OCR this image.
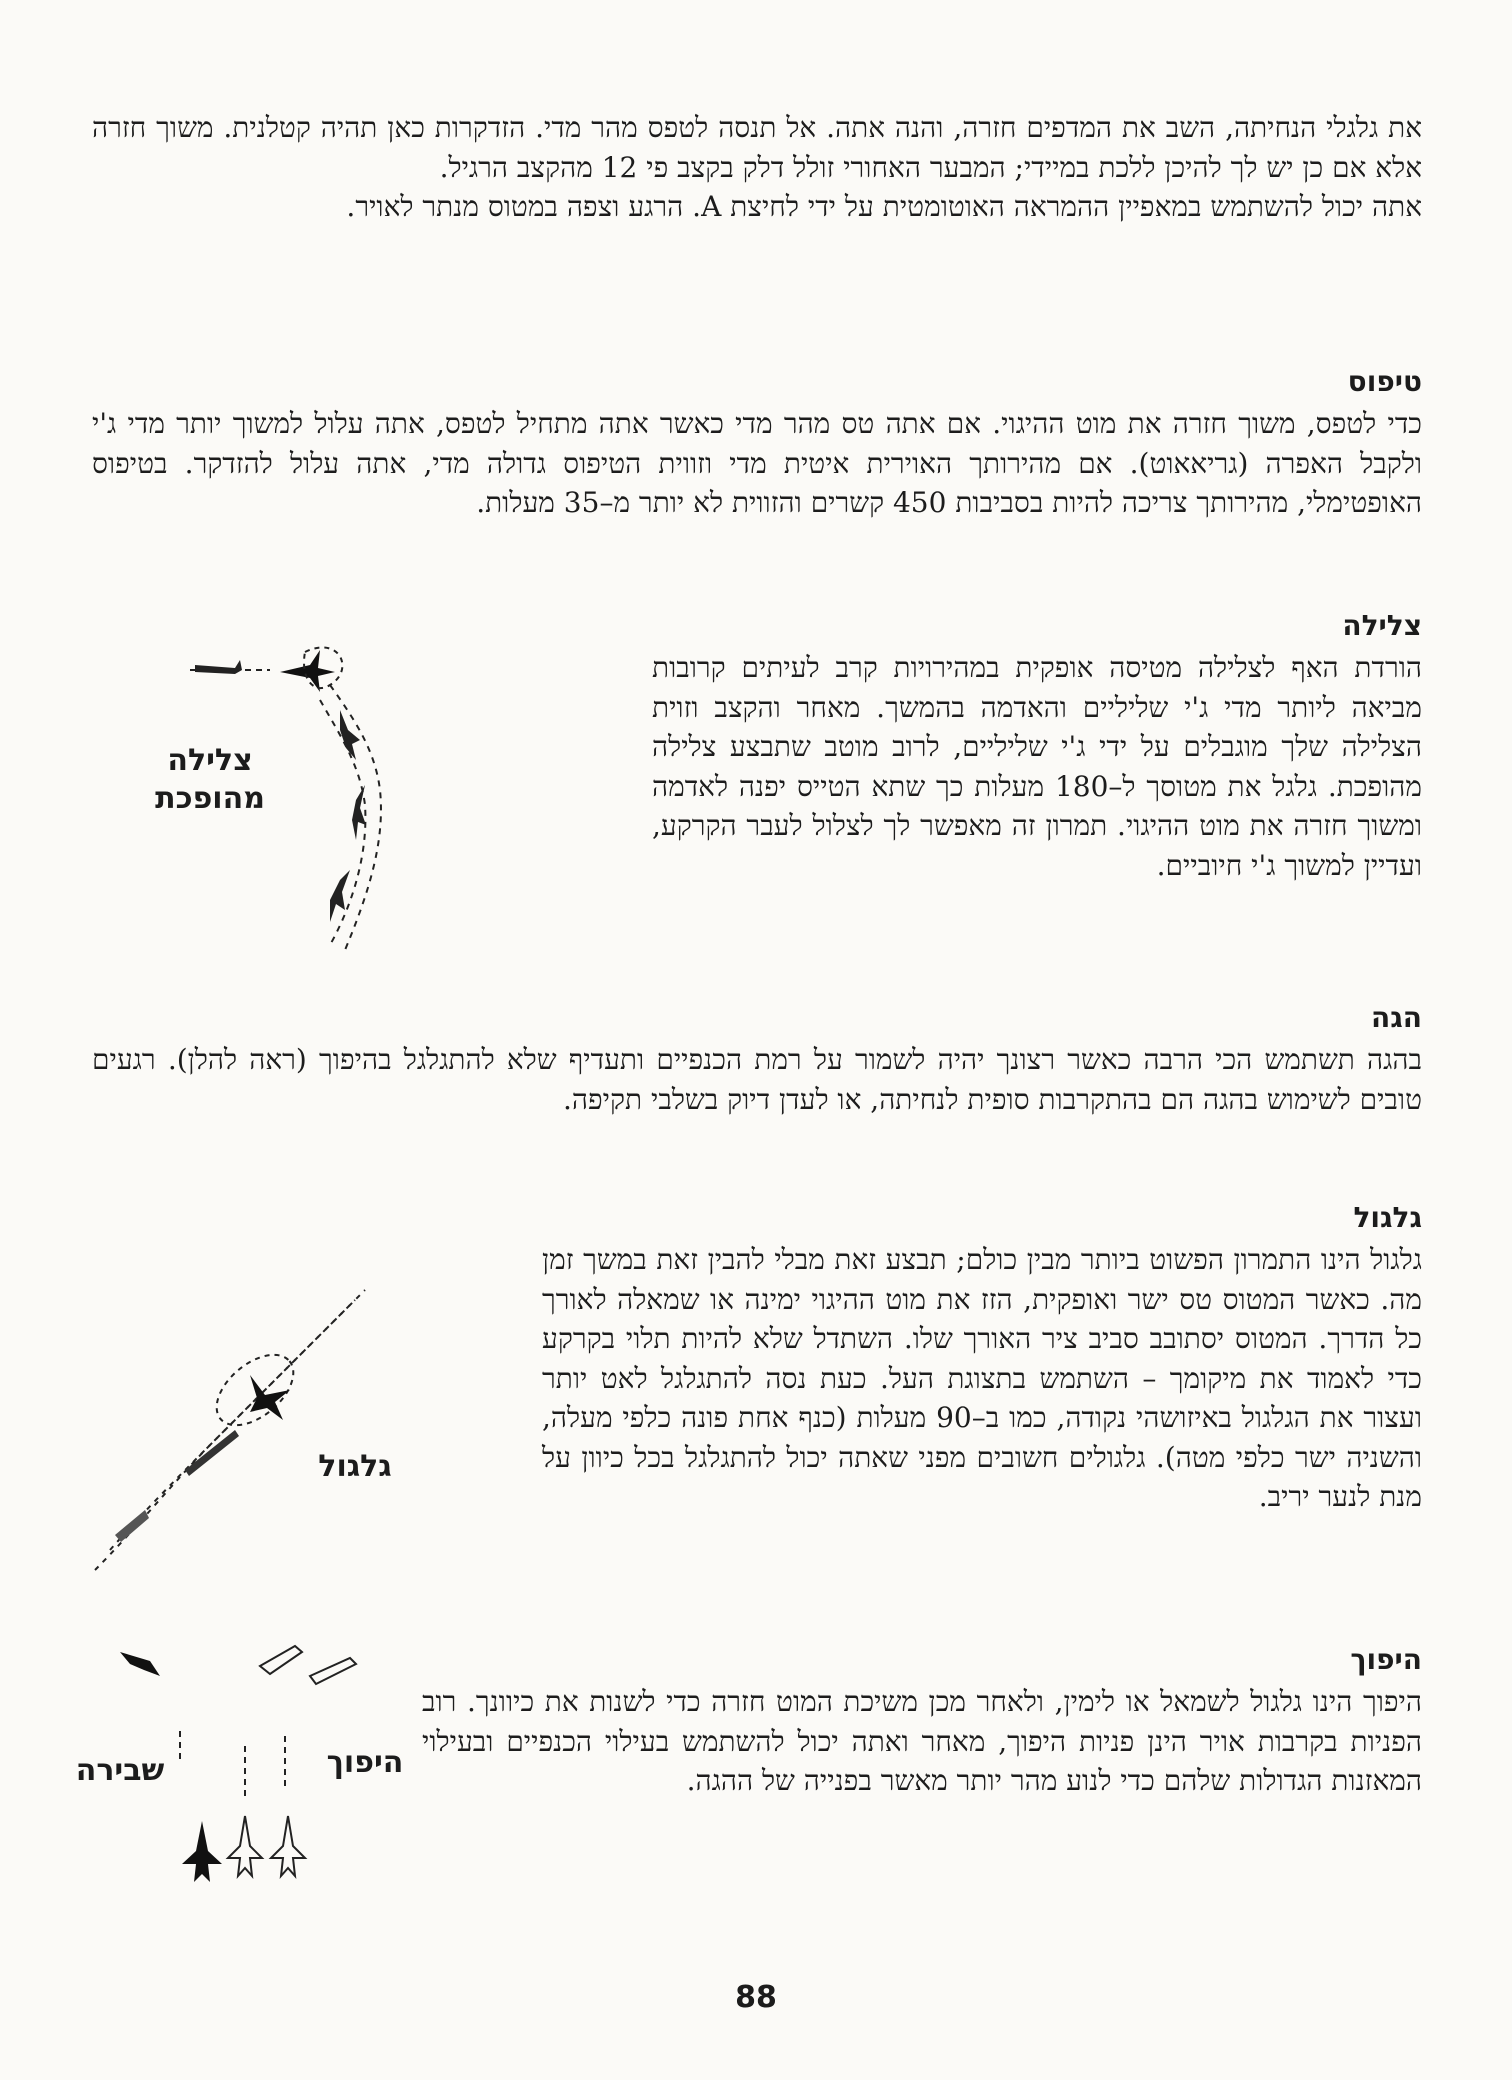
את גלגלי הנחיתה, השב את המדפים חזרה, והנה אתה. אל תנסה לטפס מהר מדי. הזדקרות כאן תהיה קטלנית. משוך חזרה אלא אם כן יש לך להיכן ללכת במיידי; המבער האחורי זולל דלק בקצב פי 12 מהקצב הרגיל.

אתה יכול להשתמש במאפיין ההמראה האוטומטית על ידי לחיצת A. הרגע וצפה במטוס מנתר לאויר.

טיפוס

כדי לטפס, משוך חזרה את מוט ההיגוי. אם אתה טס מהר מדי כאשר אתה מתחיל לטפס, אתה עלול למשוך יותר מדי ג'י ולקבל האפרה (גריאאוט). אם מהירותך האוירית איטית מדי וזווית הטיפוס גדולה מדי, אתה עלול להזדקר. בטיפוס האופטימלי, מהירותך צריכה להיות בסביבות 450 קשרים והזווית לא יותר מ–35 מעלות.

צלילה

הורדת האף לצלילה מטיסה אופקית במהירויות קרב לעיתים קרובות מביאה ליותר מדי ג'י שליליים והאדמה בהמשך. מאחר והקצב וזוית הצלילה שלך מוגבלים על ידי ג'י שליליים, לרוב מוטב שתבצע צלילה מהופכת. גלגל את מטוסך ל–180 מעלות כך שתא הטייס יפנה לאדמה ומשוך חזרה את מוט ההיגוי. תמרון זה מאפשר לך לצלול לעבר הקרקע, ועדיין למשוך ג'י חיוביים.

צלילה
מהופכת
הגה

בהגה תשתמש הכי הרבה כאשר רצונך יהיה לשמור על רמת הכנפיים ותעדיף שלא להתגלגל בהיפוך (ראה להלן). רגעים טובים לשימוש בהגה הם בהתקרבות סופית לנחיתה, או לעדן דיוק בשלבי תקיפה.

גלגול

גלגול הינו התמרון הפשוט ביותר מבין כולם; תבצע זאת מבלי להבין זאת במשך זמן מה. כאשר המטוס טס ישר ואופקית, הזז את מוט ההיגוי ימינה או שמאלה לאורך כל הדרך. המטוס יסתובב סביב ציר האורך שלו. השתדל שלא להיות תלוי בקרקע כדי לאמוד את מיקומך – השתמש בתצוגת העל. כעת נסה להתגלגל לאט יותר ועצור את הגלגול באיזושהי נקודה, כמו ב–90 מעלות (כנף אחת פונה כלפי מעלה, והשניה ישר כלפי מטה). גלגולים חשובים מפני שאתה יכול להתגלגל בכל כיוון על מנת לנער יריב.

גלגול
היפוך

היפוך הינו גלגול לשמאל או לימין, ולאחר מכן משיכת המוט חזרה כדי לשנות את כיוונך. רוב הפניות בקרבות אויר הינן פניות היפוך, מאחר ואתה יכול להשתמש בעילוי הכנפיים ובעילוי המאזנות הגדולות שלהם כדי לנוע מהר יותר מאשר בפנייה של ההגה.

היפוך
שבירה
88
